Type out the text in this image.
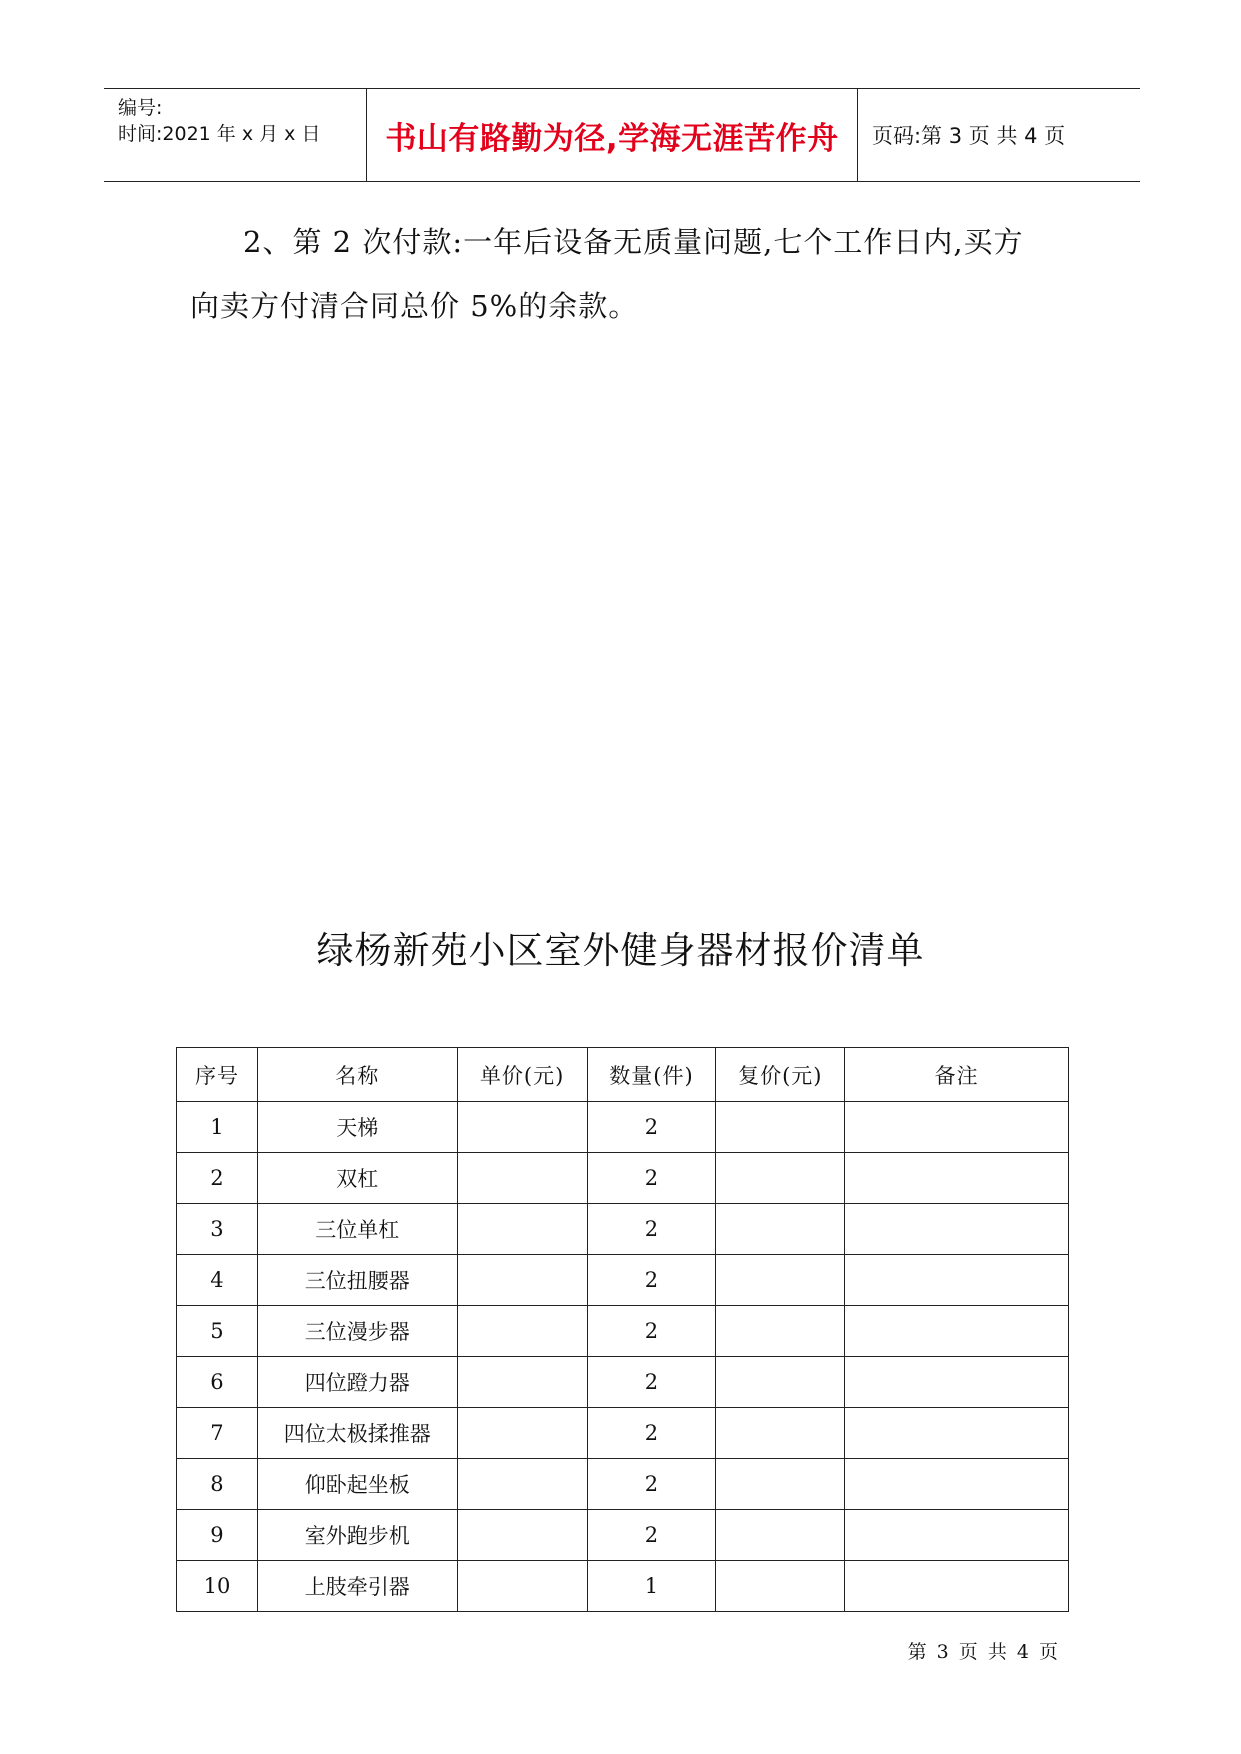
编号:
时间:2021 年 x 月 x 日	书山有路勤为径,学海无涯苦作舟	页码:第 3 页 共 4 页
2、第 2 次付款:一年后设备无质量问题,七个工作日内,买方
向卖方付清合同总价 5%的余款。
绿杨新苑小区室外健身器材报价清单
序号	名称	单价(元)	数量(件)	复价(元)	备注
1	天梯		2		
2	双杠		2		
3	三位单杠		2		
4	三位扭腰器		2		
5	三位漫步器		2		
6	四位蹬力器		2		
7	四位太极揉推器		2		
8	仰卧起坐板		2		
9	室外跑步机		2		
10	上肢牵引器		1		
第 3 页 共 4 页
